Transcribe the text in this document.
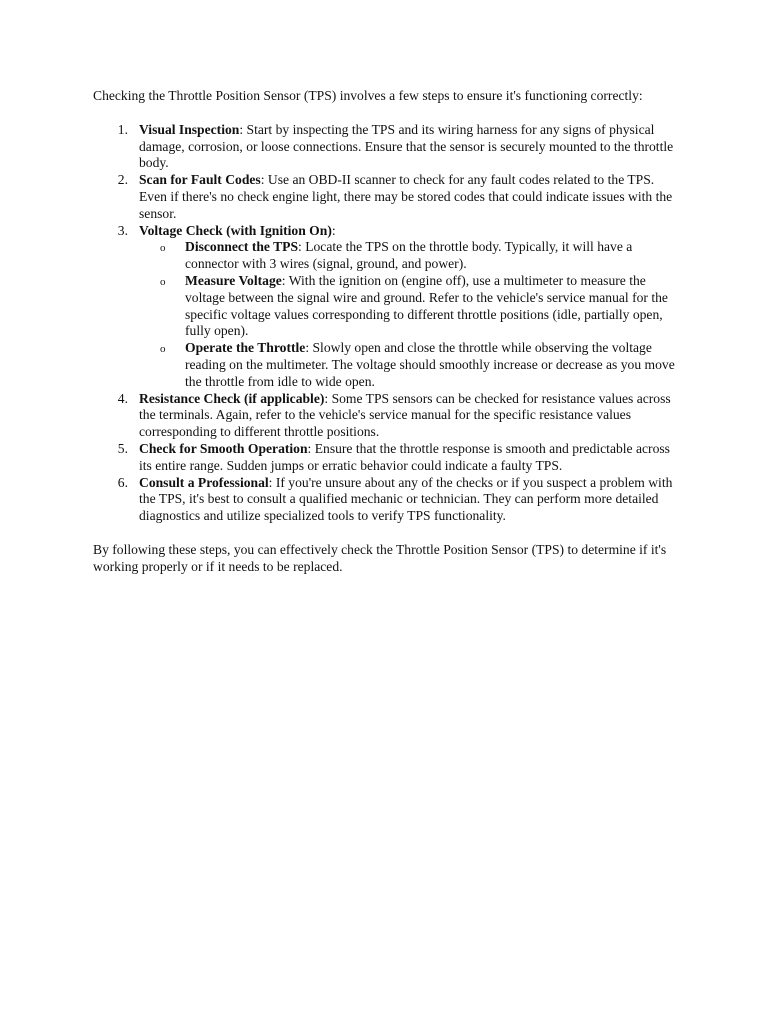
Checking the Throttle Position Sensor (TPS) involves a few steps to ensure it's functioning correctly:

1. Visual Inspection: Start by inspecting the TPS and its wiring harness for any signs of physical damage, corrosion, or loose connections. Ensure that the sensor is securely mounted to the throttle body.
2. Scan for Fault Codes: Use an OBD-II scanner to check for any fault codes related to the TPS. Even if there's no check engine light, there may be stored codes that could indicate issues with the sensor.
3. Voltage Check (with Ignition On):
o Disconnect the TPS: Locate the TPS on the throttle body. Typically, it will have a connector with 3 wires (signal, ground, and power).
o Measure Voltage: With the ignition on (engine off), use a multimeter to measure the voltage between the signal wire and ground. Refer to the vehicle's service manual for the specific voltage values corresponding to different throttle positions (idle, partially open, fully open).
o Operate the Throttle: Slowly open and close the throttle while observing the voltage reading on the multimeter. The voltage should smoothly increase or decrease as you move the throttle from idle to wide open.
4. Resistance Check (if applicable): Some TPS sensors can be checked for resistance values across the terminals. Again, refer to the vehicle's service manual for the specific resistance values corresponding to different throttle positions.
5. Check for Smooth Operation: Ensure that the throttle response is smooth and predictable across its entire range. Sudden jumps or erratic behavior could indicate a faulty TPS.
6. Consult a Professional: If you're unsure about any of the checks or if you suspect a problem with the TPS, it's best to consult a qualified mechanic or technician. They can perform more detailed diagnostics and utilize specialized tools to verify TPS functionality.

By following these steps, you can effectively check the Throttle Position Sensor (TPS) to determine if it's working properly or if it needs to be replaced.
